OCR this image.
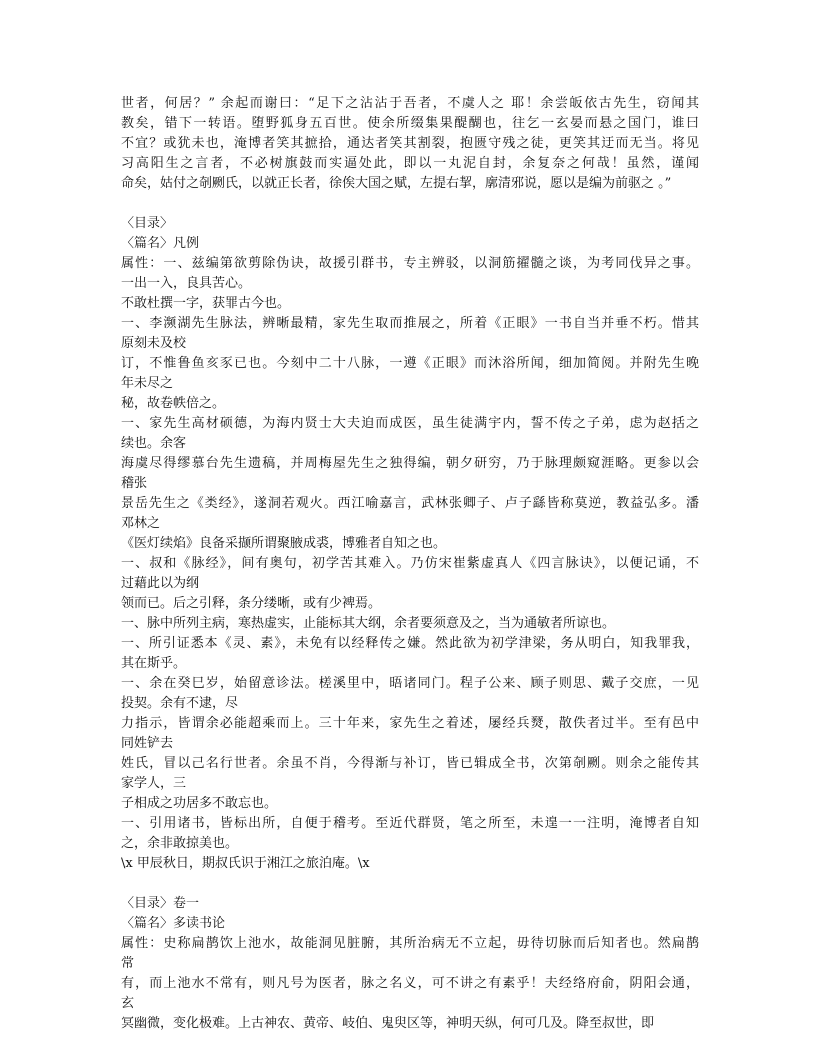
世者，何居？” 余起而谢曰：“足下之沾沾于吾者，不虞人之 耶！余尝皈依古先生，窃闻其
教矣，错下一转语。堕野狐身五百世。使余所缀集果醍醐也，往乞一玄晏而悬之国门，谁曰
不宜？或犹未也，淹博者笑其摭拾，通达者笑其割裂，抱匮守残之徒，更笑其迂而无当。将见
习高阳生之言者，不必树旗鼓而实逼处此，即以一丸泥自封，余复奈之何哉！虽然，谨闻
命矣，姑付之剞劂氏，以就正长者，徐俟大国之赋，左提右挈，廓清邪说，愿以是编为前驱之 。”
〈目录〉
〈篇名〉凡例
属性：一、兹编第欲剪除伪诀，故援引群书，专主辨驳，以洞筋擢髓之谈，为考同伐异之事。
一出一入，良具苦心。
不敢杜撰一字，获罪古今也。
一、李濒湖先生脉法，辨晰最精，家先生取而推展之，所着《正眼》一书自当并垂不朽。惜其
原刻未及校
订，不惟鲁鱼亥豕已也。今刻中二十八脉，一遵《正眼》而沐浴所闻，细加简阅。并附先生晚
年未尽之
秘，故卷帙倍之。
一、家先生高材硕德，为海内贤士大夫迫而成医，虽生徒满宇内，誓不传之子弟，虑为赵括之
续也。余客
海虞尽得缪慕台先生遗稿，并周梅屋先生之独得编，朝夕研穷，乃于脉理颇窥涯略。更参以会
稽张
景岳先生之《类经》，遂洞若观火。西江喻嘉言，武林张卿子、卢子繇皆称莫逆，教益弘多。潘
邓林之
《医灯续焰》良备采撷所谓聚腋成裘，博雅者自知之也。
一、叔和《脉经》，间有奥句，初学苦其难入。乃仿宋崔紫虚真人《四言脉诀》，以便记诵，不
过藉此以为纲
领而已。后之引释，条分缕晰，或有少裨焉。
一、脉中所列主病，寒热虚实，止能标其大纲，余者要须意及之，当为通敏者所谅也。
一、所引证悉本《灵、素》，未免有以经释传之嫌。然此欲为初学津梁，务从明白，知我罪我，
其在斯乎。
一、余在癸巳岁，始留意诊法。槎溪里中，晤诸同门。程子公来、顾子则思、戴子交庶，一见
投契。余有不逮，尽
力指示，皆谓余必能超乘而上。三十年来，家先生之着述，屡经兵燹，散佚者过半。至有邑中
同姓铲去
姓氏，冒以己名行世者。余虽不肖，今得渐与补订，皆已辑成全书，次第剞劂。则余之能传其
家学人，三
子相成之功居多不敢忘也。
一、引用诸书，皆标出所，自便于稽考。至近代群贤，笔之所至，未遑一一注明，淹博者自知
之，余非敢掠美也。
\x 甲辰秋日，期叔氏识于湘江之旅泊庵。\x
〈目录〉卷一
〈篇名〉多读书论
属性：史称扁鹊饮上池水，故能洞见脏腑，其所治病无不立起，毋待切脉而后知者也。然扁鹊
常
有，而上池水不常有，则凡号为医者，脉之名义，可不讲之有素乎！夫经络府俞，阴阳会通，
玄
冥幽微，变化极难。上古神农、黄帝、岐伯、鬼臾区等，神明天纵，何可几及。降至叔世，即
